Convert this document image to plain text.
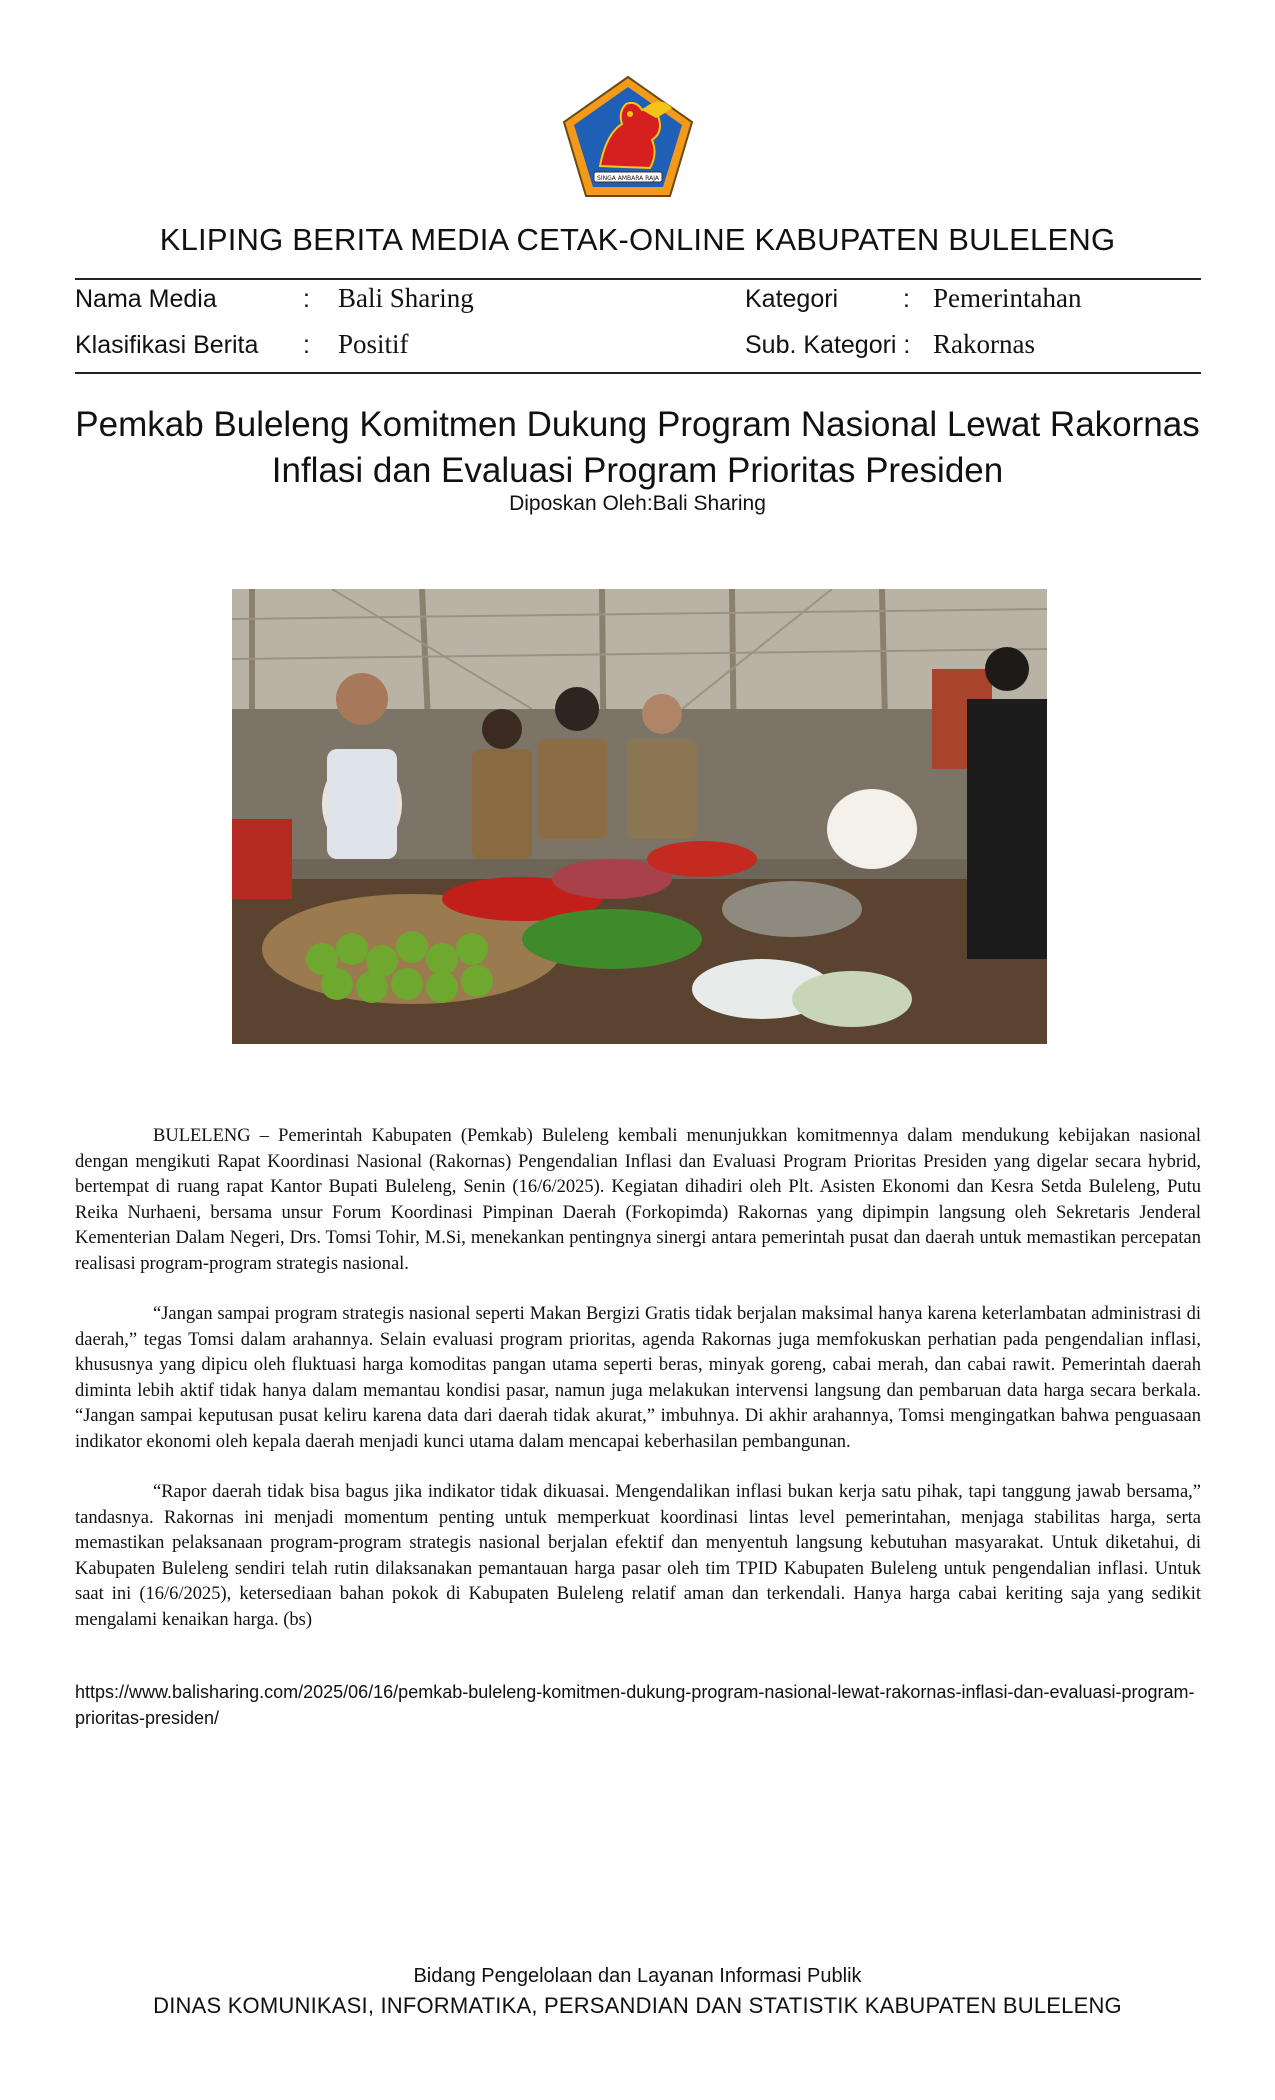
SINGA AMBARA RAJA
KLIPING BERITA MEDIA CETAK-ONLINE KABUPATEN BULELENG
Nama Media	: Bali Sharing	Kategori	: Pemerintahan
Klasifikasi Berita : Positif	Sub. Kategori : Rakornas
Pemkab Buleleng Komitmen Dukung Program Nasional Lewat Rakornas
Inflasi dan Evaluasi Program Prioritas Presiden
Diposkan Oleh:Bali Sharing

BULELENG – Pemerintah Kabupaten (Pemkab) Buleleng kembali menunjukkan komitmennya dalam mendukung kebijakan nasional dengan mengikuti Rapat Koordinasi Nasional (Rakornas) Pengendalian Inflasi dan Evaluasi Program Prioritas Presiden yang digelar secara hybrid, bertempat di ruang rapat Kantor Bupati Buleleng, Senin (16/6/2025). Kegiatan dihadiri oleh Plt. Asisten Ekonomi dan Kesra Setda Buleleng, Putu Reika Nurhaeni, bersama unsur Forum Koordinasi Pimpinan Daerah (Forkopimda) Rakornas yang dipimpin langsung oleh Sekretaris Jenderal Kementerian Dalam Negeri, Drs. Tomsi Tohir, M.Si, menekankan pentingnya sinergi antara pemerintah pusat dan daerah untuk memastikan percepatan realisasi program-program strategis nasional.

“Jangan sampai program strategis nasional seperti Makan Bergizi Gratis tidak berjalan maksimal hanya karena keterlambatan administrasi di daerah,” tegas Tomsi dalam arahannya. Selain evaluasi program prioritas, agenda Rakornas juga memfokuskan perhatian pada pengendalian inflasi, khususnya yang dipicu oleh fluktuasi harga komoditas pangan utama seperti beras, minyak goreng, cabai merah, dan cabai rawit. Pemerintah daerah diminta lebih aktif tidak hanya dalam memantau kondisi pasar, namun juga melakukan intervensi langsung dan pembaruan data harga secara berkala. “Jangan sampai keputusan pusat keliru karena data dari daerah tidak akurat,” imbuhnya. Di akhir arahannya, Tomsi mengingatkan bahwa penguasaan indikator ekonomi oleh kepala daerah menjadi kunci utama dalam mencapai keberhasilan pembangunan.

“Rapor daerah tidak bisa bagus jika indikator tidak dikuasai. Mengendalikan inflasi bukan kerja satu pihak, tapi tanggung jawab bersama,” tandasnya. Rakornas ini menjadi momentum penting untuk memperkuat koordinasi lintas level pemerintahan, menjaga stabilitas harga, serta memastikan pelaksanaan program-program strategis nasional berjalan efektif dan menyentuh langsung kebutuhan masyarakat. Untuk diketahui, di Kabupaten Buleleng sendiri telah rutin dilaksanakan pemantauan harga pasar oleh tim TPID Kabupaten Buleleng untuk pengendalian inflasi. Untuk saat ini (16/6/2025), ketersediaan bahan pokok di Kabupaten Buleleng relatif aman dan terkendali. Hanya harga cabai keriting saja yang sedikit mengalami kenaikan harga. (bs)

https://www.balisharing.com/2025/06/16/pemkab-buleleng-komitmen-dukung-program-nasional-lewat-rakornas-inflasi-dan-evaluasi-program-prioritas-presiden/
Bidang Pengelolaan dan Layanan Informasi Publik
DINAS KOMUNIKASI, INFORMATIKA, PERSANDIAN DAN STATISTIK KABUPATEN BULELENG
